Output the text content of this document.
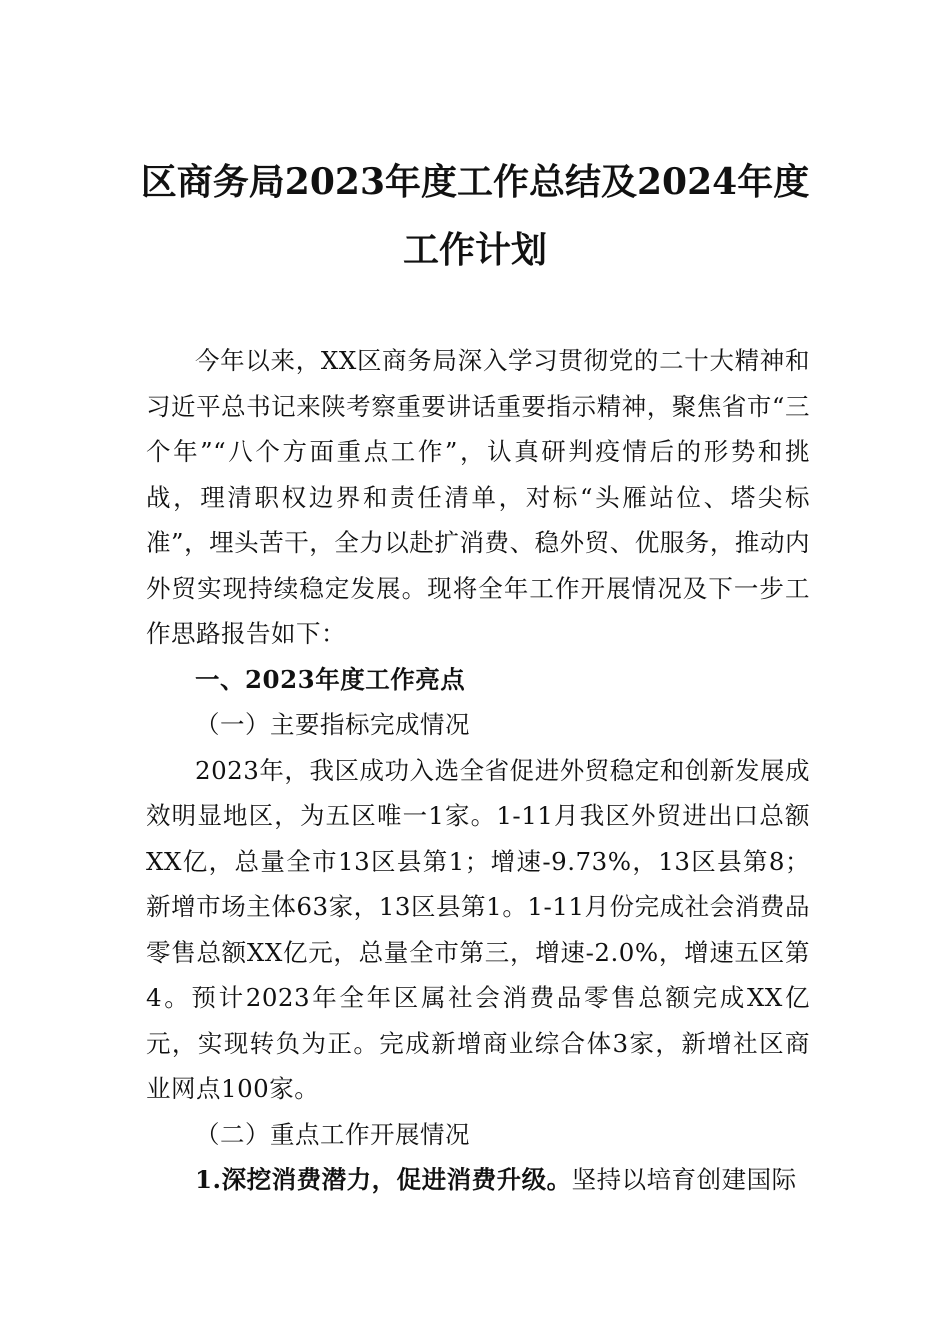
区商务局2023年度工作总结及2024年度工作计划

今年以来，XX区商务局深入学习贯彻党的二十大精神和习近平总书记来陕考察重要讲话重要指示精神，聚焦省市“三个年”“八个方面重点工作”，认真研判疫情后的形势和挑战，理清职权边界和责任清单，对标“头雁站位、塔尖标准”，埋头苦干，全力以赴扩消费、稳外贸、优服务，推动内外贸实现持续稳定发展。现将全年工作开展情况及下一步工作思路报告如下：

一、2023年度工作亮点

（一）主要指标完成情况

2023年，我区成功入选全省促进外贸稳定和创新发展成效明显地区，为五区唯一1家。1-11月我区外贸进出口总额XX亿，总量全市13区县第1；增速-9.73%，13区县第8；新增市场主体63家，13区县第1。1-11月份完成社会消费品零售总额XX亿元，总量全市第三，增速-2.0%，增速五区第4。预计2023年全年区属社会消费品零售总额完成XX亿元，实现转负为正。完成新增商业综合体3家，新增社区商业网点100家。

（二）重点工作开展情况

1.深挖消费潜力，促进消费升级。坚持以培育创建国际
